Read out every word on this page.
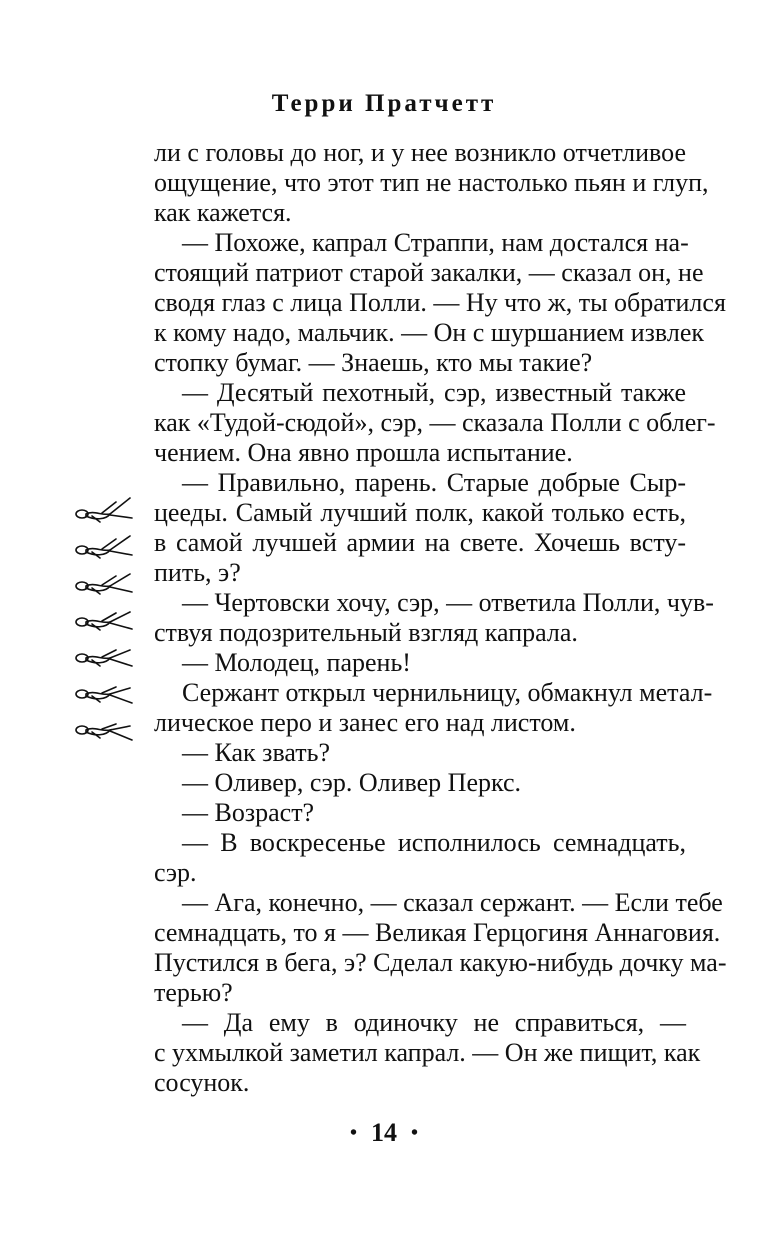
Терри Пратчетт
ли с головы до ног, и у нее возникло отчетливое
ощущение, что этот тип не настолько пьян и глуп,
как кажется.
— Похоже, капрал Страппи, нам достался на-
стоящий патриот старой закалки, — сказал он, не
сводя глаз с лица Полли. — Ну что ж, ты обратился
к кому надо, мальчик. — Он с шуршанием извлек
стопку бумаг. — Знаешь, кто мы такие?
— Десятый пехотный, сэр, известный также
как «Тудой-сюдой», сэр, — сказала Полли с облег-
чением. Она явно прошла испытание.
— Правильно, парень. Старые добрые Сыр-
цееды. Самый лучший полк, какой только есть,
в самой лучшей армии на свете. Хочешь всту-
пить, э?
— Чертовски хочу, сэр, — ответила Полли, чув-
ствуя подозрительный взгляд капрала.
— Молодец, парень!
Сержант открыл чернильницу, обмакнул метал-
лическое перо и занес его над листом.
— Как звать?
— Оливер, сэр. Оливер Перкс.
— Возраст?
— В воскресенье исполнилось семнадцать,
сэр.
— Ага, конечно, — сказал сержант. — Если тебе
семнадцать, то я — Великая Герцогиня Аннаговия.
Пустился в бега, э? Сделал какую-нибудь дочку ма-
терью?
— Да ему в одиночку не справиться, —
с ухмылкой заметил капрал. — Он же пищит, как
сосунок.
• 14 •
